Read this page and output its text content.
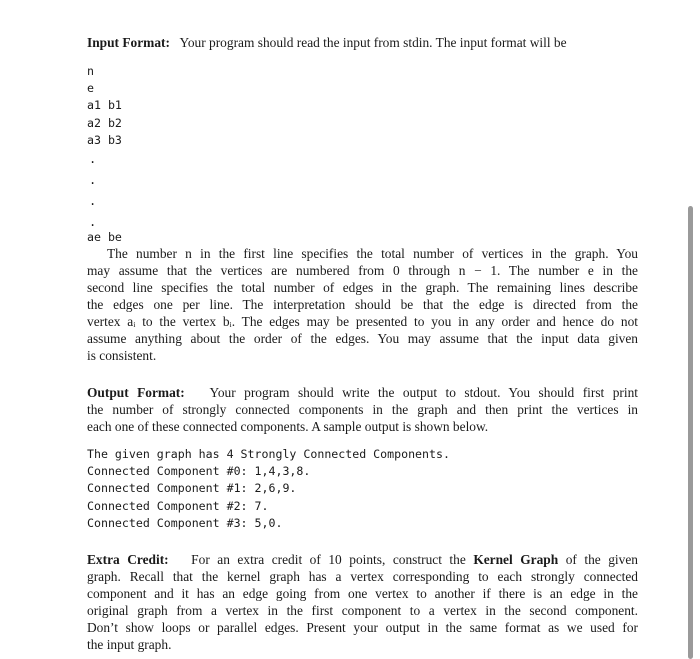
Input Format: Your program should read the input from stdin. The input format will be
n
e
a1 b1
a2 b2
a3 b3
.
.
.
.
ae be
The number n in the first line specifies the total number of vertices in the graph. You
may assume that the vertices are numbered from 0 through n − 1. The number e in the
second line specifies the total number of edges in the graph. The remaining lines describe
the edges one per line. The interpretation should be that the edge is directed from the
vertex aᵢ to the vertex bᵢ. The edges may be presented to you in any order and hence do not
assume anything about the order of the edges. You may assume that the input data given
is consistent.
Output Format: Your program should write the output to stdout. You should first print
the number of strongly connected components in the graph and then print the vertices in
each one of these connected components. A sample output is shown below.
The given graph has 4 Strongly Connected Components.
Connected Component #0: 1,4,3,8.
Connected Component #1: 2,6,9.
Connected Component #2: 7.
Connected Component #3: 5,0.
Extra Credit: For an extra credit of 10 points, construct the Kernel Graph of the given
graph. Recall that the kernel graph has a vertex corresponding to each strongly connected
component and it has an edge going from one vertex to another if there is an edge in the
original graph from a vertex in the first component to a vertex in the second component.
Don’t show loops or parallel edges. Present your output in the same format as we used for
the input graph.
